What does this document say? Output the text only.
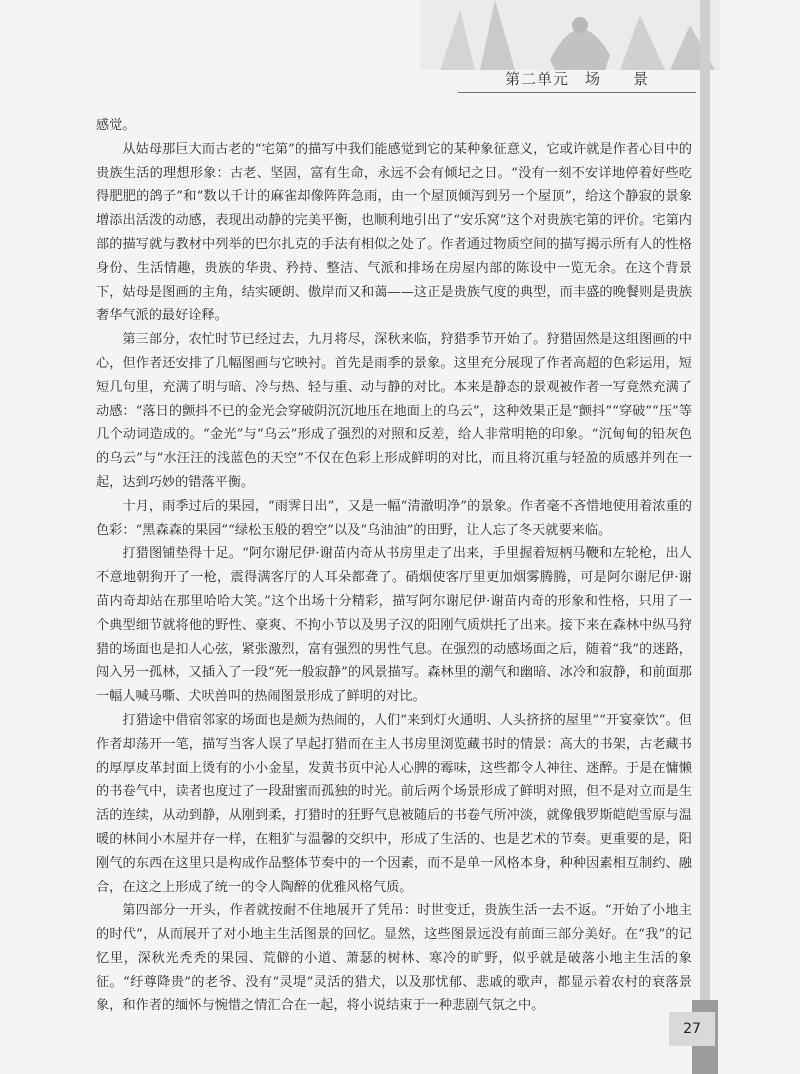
第二单元　场　　景

感觉。

从姑母那巨大而古老的“宅第”的描写中我们能感觉到它的某种象征意义，它或许就是作者心目中的贵族生活的理想形象：古老、坚固，富有生命，永远不会有倾圮之日。“没有一刻不安详地停着好些吃得肥肥的鸽子”和“数以千计的麻雀却像阵阵急雨，由一个屋顶倾泻到另一个屋顶”，给这个静寂的景象增添出活泼的动感，表现出动静的完美平衡，也顺利地引出了“安乐窝”这个对贵族宅第的评价。宅第内部的描写就与教材中列举的巴尔扎克的手法有相似之处了。作者通过物质空间的描写揭示所有人的性格身份、生活情趣，贵族的华贵、矜持、整洁、气派和排场在房屋内部的陈设中一览无余。在这个背景下，姑母是图画的主角，结实硬朗、傲岸而又和蔼——这正是贵族气度的典型，而丰盛的晚餐则是贵族奢华气派的最好诠释。

第三部分，农忙时节已经过去，九月将尽，深秋来临，狩猎季节开始了。狩猎固然是这组图画的中心，但作者还安排了几幅图画与它映衬。首先是雨季的景象。这里充分展现了作者高超的色彩运用，短短几句里，充满了明与暗、冷与热、轻与重、动与静的对比。本来是静态的景观被作者一写竟然充满了动感：“落日的颤抖不已的金光会穿破阴沉沉地压在地面上的乌云”，这种效果正是“颤抖”“穿破”“压”等几个动词造成的。“金光”与“乌云”形成了强烈的对照和反差，给人非常明艳的印象。“沉甸甸的铅灰色的乌云”与“水汪汪的浅蓝色的天空”不仅在色彩上形成鲜明的对比，而且将沉重与轻盈的质感并列在一起，达到巧妙的错落平衡。

十月，雨季过后的果园，“雨霁日出”，又是一幅“清澈明净”的景象。作者毫不吝惜地使用着浓重的色彩：“黑森森的果园”“绿松玉般的碧空”以及“乌油油”的田野，让人忘了冬天就要来临。

打猎图铺垫得十足。“阿尔谢尼伊·谢苗内奇从书房里走了出来，手里握着短柄马鞭和左轮枪，出人不意地朝狗开了一枪，震得满客厅的人耳朵都聋了。硝烟使客厅里更加烟雾腾腾，可是阿尔谢尼伊·谢苗内奇却站在那里哈哈大笑。”这个出场十分精彩，描写阿尔谢尼伊·谢苗内奇的形象和性格，只用了一个典型细节就将他的野性、豪爽、不拘小节以及男子汉的阳刚气质烘托了出来。接下来在森林中纵马狩猎的场面也是扣人心弦，紧张激烈，富有强烈的男性气息。在强烈的动感场面之后，随着“我”的迷路，闯入另一孤林，又插入了一段“死一般寂静”的风景描写。森林里的潮气和幽暗、冰冷和寂静，和前面那一幅人喊马嘶、犬吠兽叫的热闹图景形成了鲜明的对比。

打猎途中借宿邻家的场面也是颇为热闹的，人们“来到灯火通明、人头挤挤的屋里”“开宴豪饮”。但作者却荡开一笔，描写当客人误了早起打猎而在主人书房里浏览藏书时的情景：高大的书架，古老藏书的厚厚皮革封面上烫有的小小金星，发黄书页中沁人心脾的霉味，这些都令人神往、迷醉。于是在慵懒的书卷气中，读者也度过了一段甜蜜而孤独的时光。前后两个场景形成了鲜明对照，但不是对立而是生活的连续，从动到静，从刚到柔，打猎时的狂野气息被随后的书卷气所冲淡，就像俄罗斯皑皑雪原与温暖的林间小木屋并存一样，在粗犷与温馨的交织中，形成了生活的、也是艺术的节奏。更重要的是，阳刚气的东西在这里只是构成作品整体节奏中的一个因素，而不是单一风格本身，种种因素相互制约、融合，在这之上形成了统一的令人陶醉的优雅风格气质。

第四部分一开头，作者就按耐不住地展开了凭吊：时世变迁，贵族生活一去不返。“开始了小地主的时代”，从而展开了对小地主生活图景的回忆。显然，这些图景远没有前面三部分美好。在“我”的记忆里，深秋光秃秃的果园、荒僻的小道、萧瑟的树林、寒冷的旷野，似乎就是破落小地主生活的象征。“纡尊降贵”的老爷、没有“灵堤”灵活的猎犬，以及那忧郁、悲戚的歌声，都显示着农村的衰落景象，和作者的缅怀与惋惜之情汇合在一起，将小说结束于一种悲剧气氛之中。

27
